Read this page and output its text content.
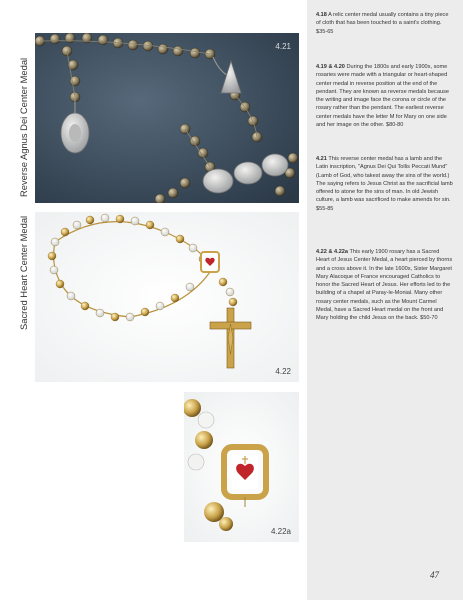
Reverse Agnus Dei Center Medal
Sacred Heart Center Medal
4.21
4.22
4.22a
4.18 A relic center medal usually contains a tiny piece of cloth that has been touched to a saint's clothing. $35-65
4.19 & 4.20 During the 1800s and early 1900s, some rosaries were made with a triangular or heart-shaped center medal in reverse position at the end of the pendant. They are known as reverse medals because the writing and image face the corona or circle of the rosary rather than the pendant. The earliest reverse center medals have the letter M for Mary on one side and her image on the other. $80-80
4.21 This reverse center medal has a lamb and the Latin inscription, "Agnus Dei Qui Tollis Peccati Mund" (Lamb of God, who takest away the sins of the world.) The saying refers to Jesus Christ as the sacrificial lamb offered to atone for the sins of man. In old Jewish culture, a lamb was sacrificed to make amends for sin. $55-85
4.22 & 4.22a This early 1900 rosary has a Sacred Heart of Jesus Center Medal, a heart pierced by thorns and a cross above it. In the late 1600s, Sister Margaret Mary Alacoque of France encouraged Catholics to honor the Sacred Heart of Jesus. Her efforts led to the building of a chapel at Paray-le-Monial. Many other rosary center medals, such as the Mount Carmel Medal, have a Sacred Heart medal on the front and Mary holding the child Jesus on the back. $50-70
47
